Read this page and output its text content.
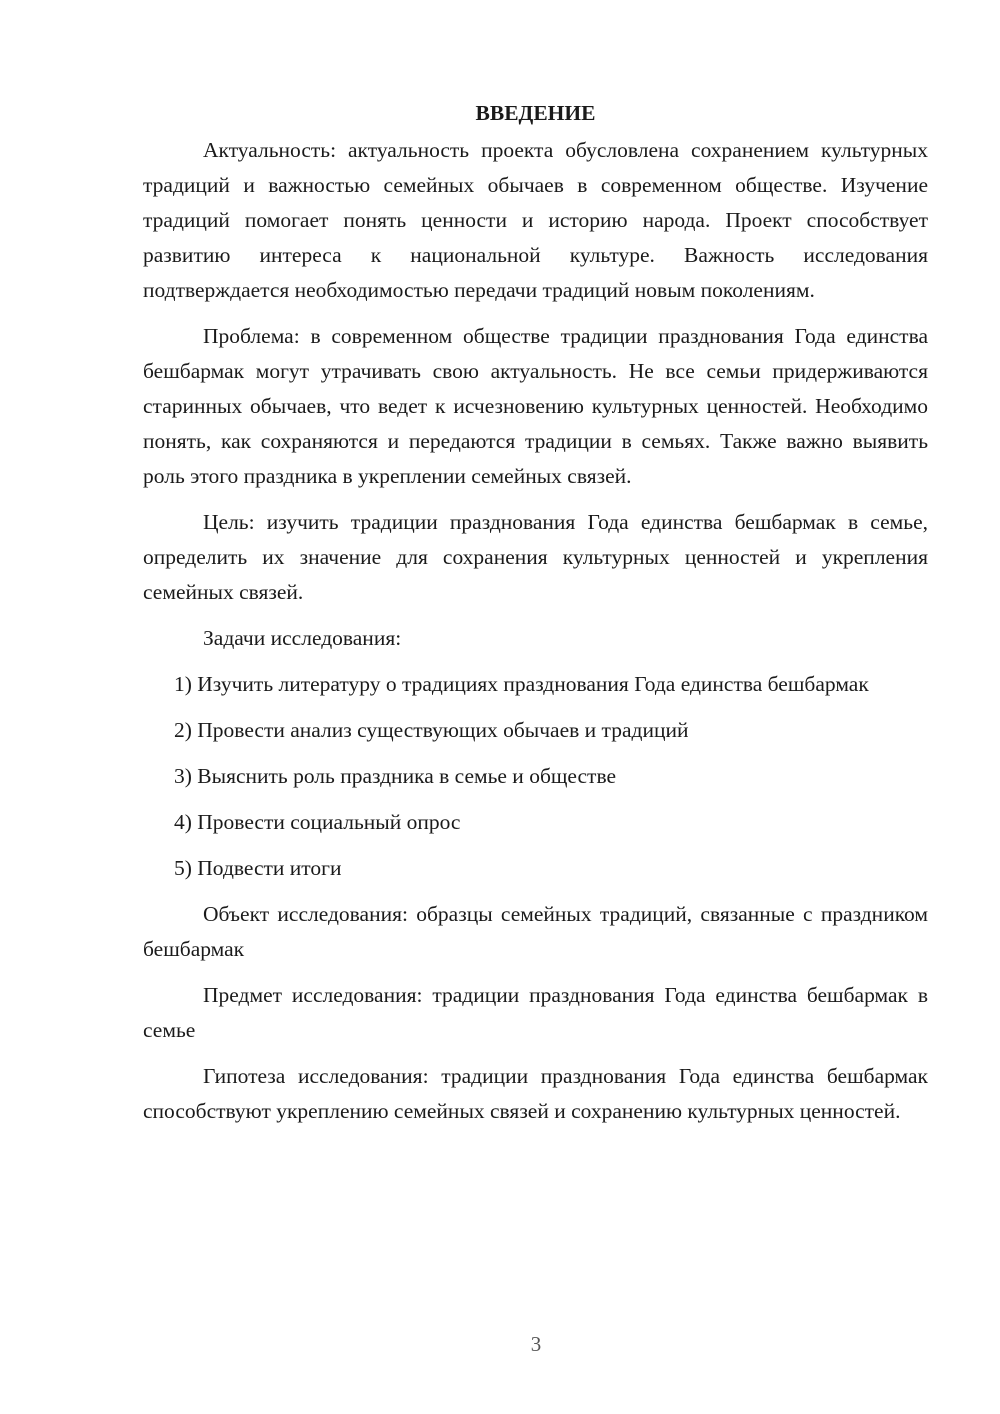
ВВЕДЕНИЕ

Актуальность: актуальность проекта обусловлена сохранением культурных традиций и важностью семейных обычаев в современном обществе. Изучение традиций помогает понять ценности и историю народа. Проект способствует развитию интереса к национальной культуре. Важность исследования подтверждается необходимостью передачи традиций новым поколениям.

Проблема: в современном обществе традиции празднования Года единства бешбармак могут утрачивать свою актуальность. Не все семьи придерживаются старинных обычаев, что ведет к исчезновению культурных ценностей. Необходимо понять, как сохраняются и передаются традиции в семьях. Также важно выявить роль этого праздника в укреплении семейных связей.

Цель: изучить традиции празднования Года единства бешбармак в семье, определить их значение для сохранения культурных ценностей и укрепления семейных связей.

Задачи исследования:

1) Изучить литературу о традициях празднования Года единства бешбармак

2) Провести анализ существующих обычаев и традиций

3) Выяснить роль праздника в семье и обществе

4) Провести социальный опрос

5) Подвести итоги

Объект исследования: образцы семейных традиций, связанные с праздником бешбармак

Предмет исследования: традиции празднования Года единства бешбармак в семье

Гипотеза исследования: традиции празднования Года единства бешбармак способствуют укреплению семейных связей и сохранению культурных ценностей.

3
